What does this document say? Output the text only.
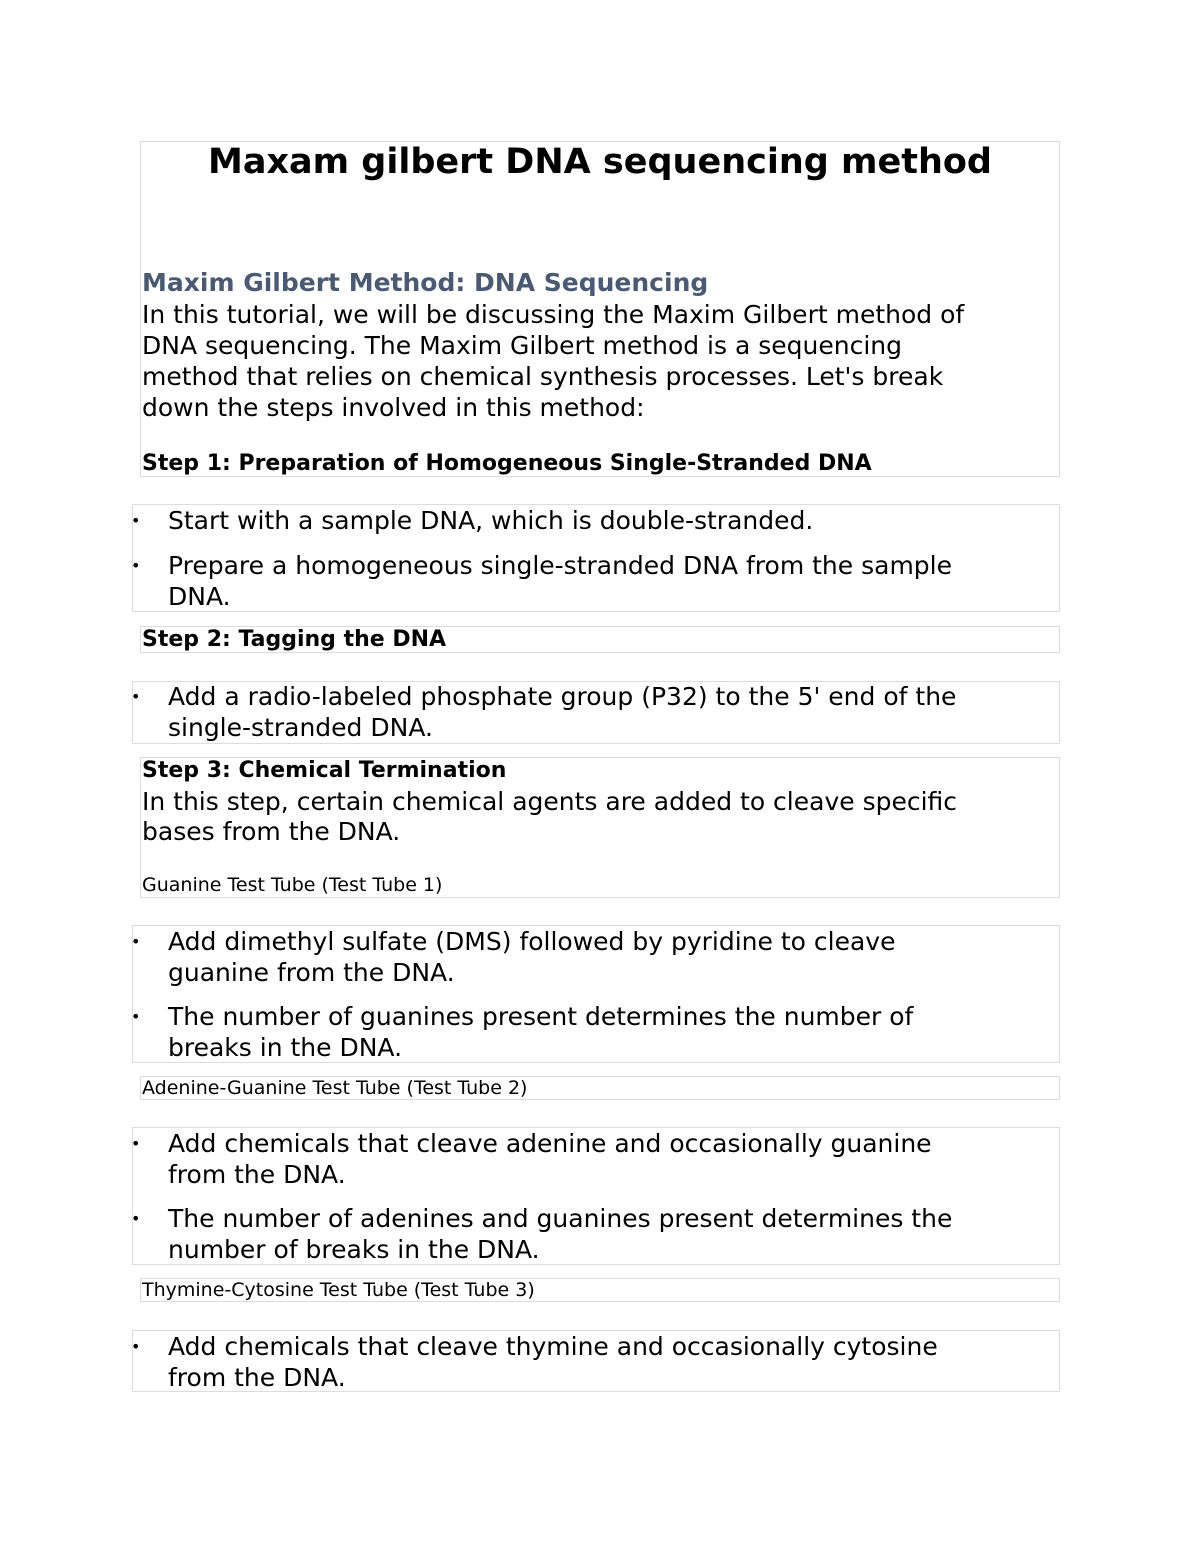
Maxam gilbert DNA sequencing method
Maxim Gilbert Method: DNA Sequencing
In this tutorial, we will be discussing the Maxim Gilbert method of
DNA sequencing. The Maxim Gilbert method is a sequencing
method that relies on chemical synthesis processes. Let's break
down the steps involved in this method:
Step 1: Preparation of Homogeneous Single-Stranded DNA
• Start with a sample DNA, which is double-stranded.
• Prepare a homogeneous single-stranded DNA from the sample
DNA.
Step 2: Tagging the DNA
• Add a radio-labeled phosphate group (P32) to the 5' end of the
single-stranded DNA.
Step 3: Chemical Termination
In this step, certain chemical agents are added to cleave specific
bases from the DNA.
Guanine Test Tube (Test Tube 1)
• Add dimethyl sulfate (DMS) followed by pyridine to cleave
guanine from the DNA.
• The number of guanines present determines the number of
breaks in the DNA.
Adenine-Guanine Test Tube (Test Tube 2)
• Add chemicals that cleave adenine and occasionally guanine
from the DNA.
• The number of adenines and guanines present determines the
number of breaks in the DNA.
Thymine-Cytosine Test Tube (Test Tube 3)
• Add chemicals that cleave thymine and occasionally cytosine
from the DNA.
